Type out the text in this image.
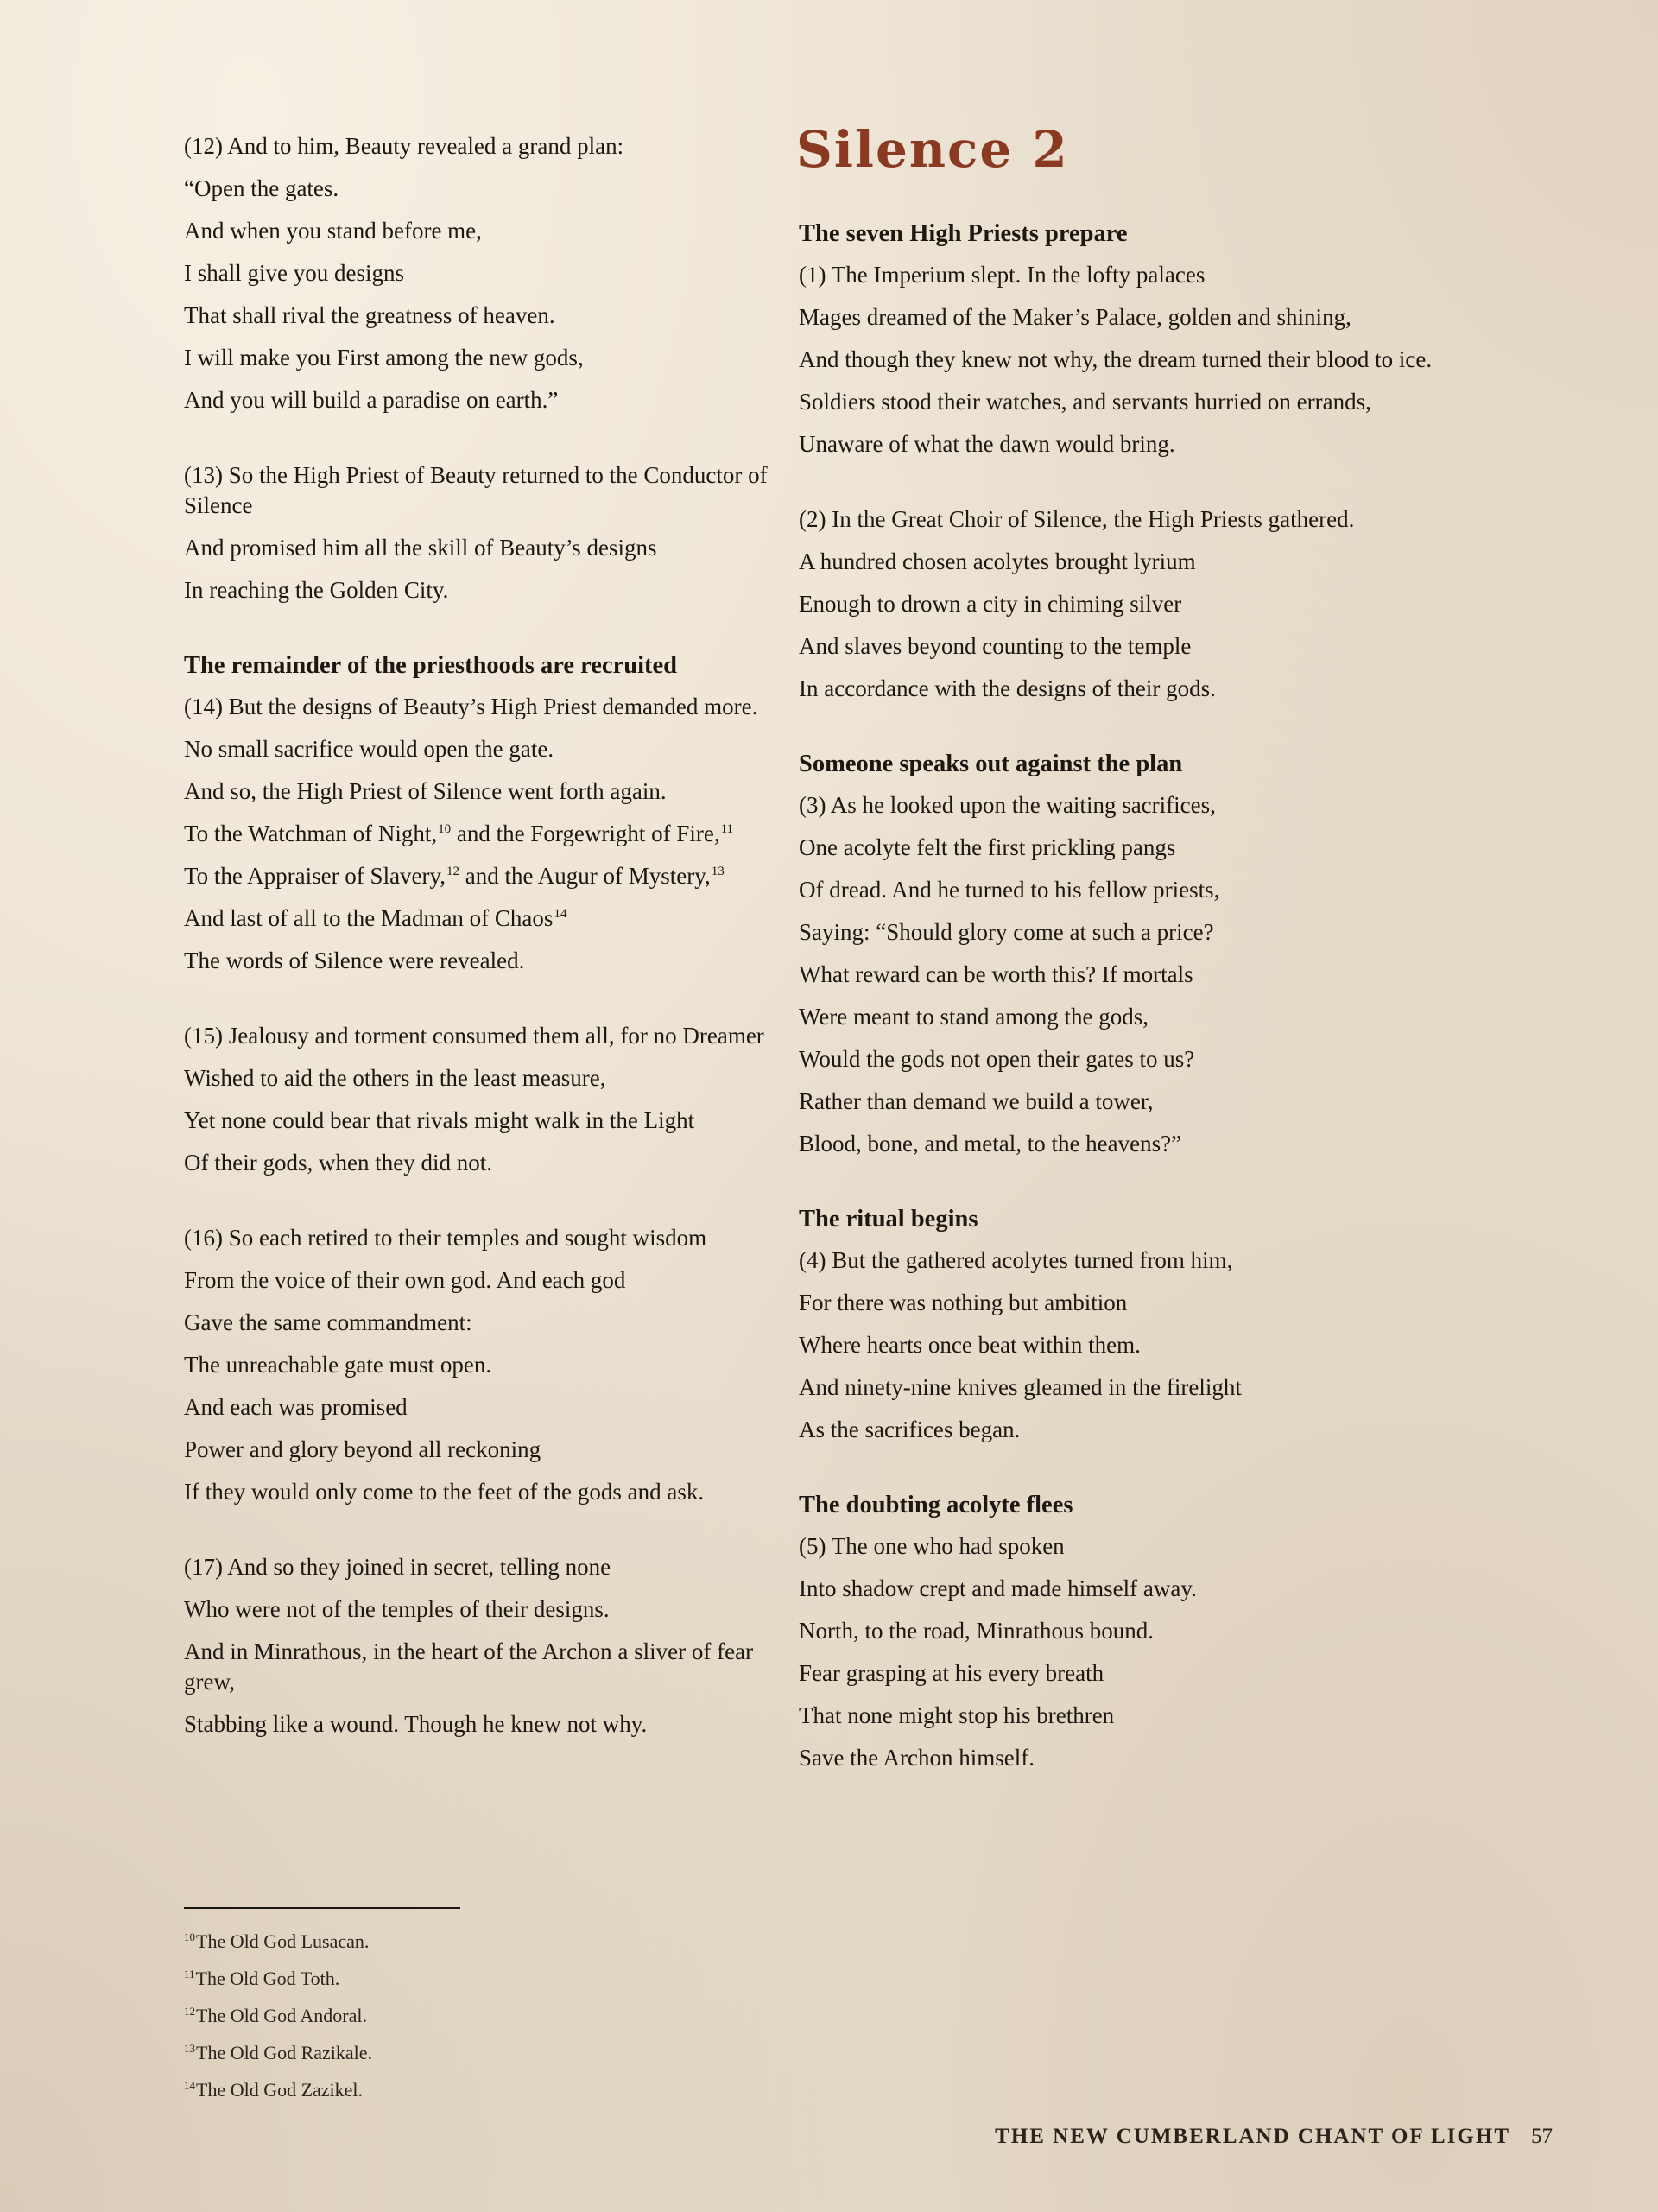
(12) And to him, Beauty revealed a grand plan:

“Open the gates.

And when you stand before me,

I shall give you designs

That shall rival the greatness of heaven.

I will make you First among the new gods,

And you will build a paradise on earth.”

(13) So the High Priest of Beauty returned to the Conductor of Silence

And promised him all the skill of Beauty’s designs

In reaching the Golden City.

The remainder of the priesthoods are recruited

(14) But the designs of Beauty’s High Priest demanded more.

No small sacrifice would open the gate.

And so, the High Priest of Silence went forth again.

To the Watchman of Night,$^{10}$ and the Forgewright of Fire,$^{11}$

To the Appraiser of Slavery,$^{12}$ and the Augur of Mystery,$^{13}$

And last of all to the Madman of Chaos$^{14}$

The words of Silence were revealed.

(15) Jealousy and torment consumed them all, for no Dreamer

Wished to aid the others in the least measure,

Yet none could bear that rivals might walk in the Light

Of their gods, when they did not.

(16) So each retired to their temples and sought wisdom

From the voice of their own god. And each god

Gave the same commandment:

The unreachable gate must open.

And each was promised

Power and glory beyond all reckoning

If they would only come to the feet of the gods and ask.

(17) And so they joined in secret, telling none

Who were not of the temples of their designs.

And in Minrathous, in the heart of the Archon a sliver of fear grew,

Stabbing like a wound. Though he knew not why.

Silence 2
The seven High Priests prepare

(1) The Imperium slept. In the lofty palaces

Mages dreamed of the Maker’s Palace, golden and shining,

And though they knew not why, the dream turned their blood to ice.

Soldiers stood their watches, and servants hurried on errands,

Unaware of what the dawn would bring.

(2) In the Great Choir of Silence, the High Priests gathered.

A hundred chosen acolytes brought lyrium

Enough to drown a city in chiming silver

And slaves beyond counting to the temple

In accordance with the designs of their gods.

Someone speaks out against the plan

(3) As he looked upon the waiting sacrifices,

One acolyte felt the first prickling pangs

Of dread. And he turned to his fellow priests,

Saying: “Should glory come at such a price?

What reward can be worth this? If mortals

Were meant to stand among the gods,

Would the gods not open their gates to us?

Rather than demand we build a tower,

Blood, bone, and metal, to the heavens?”

The ritual begins

(4) But the gathered acolytes turned from him,

For there was nothing but ambition

Where hearts once beat within them.

And ninety-nine knives gleamed in the firelight

As the sacrifices began.

The doubting acolyte flees

(5) The one who had spoken

Into shadow crept and made himself away.

North, to the road, Minrathous bound.

Fear grasping at his every breath

That none might stop his brethren

Save the Archon himself.

$^{10}$The Old God Lusacan.

$^{11}$The Old God Toth.

$^{12}$The Old God Andoral.

$^{13}$The Old God Razikale.

$^{14}$The Old God Zazikel.

THE NEW CUMBERLAND CHANT OF LIGHT 57
